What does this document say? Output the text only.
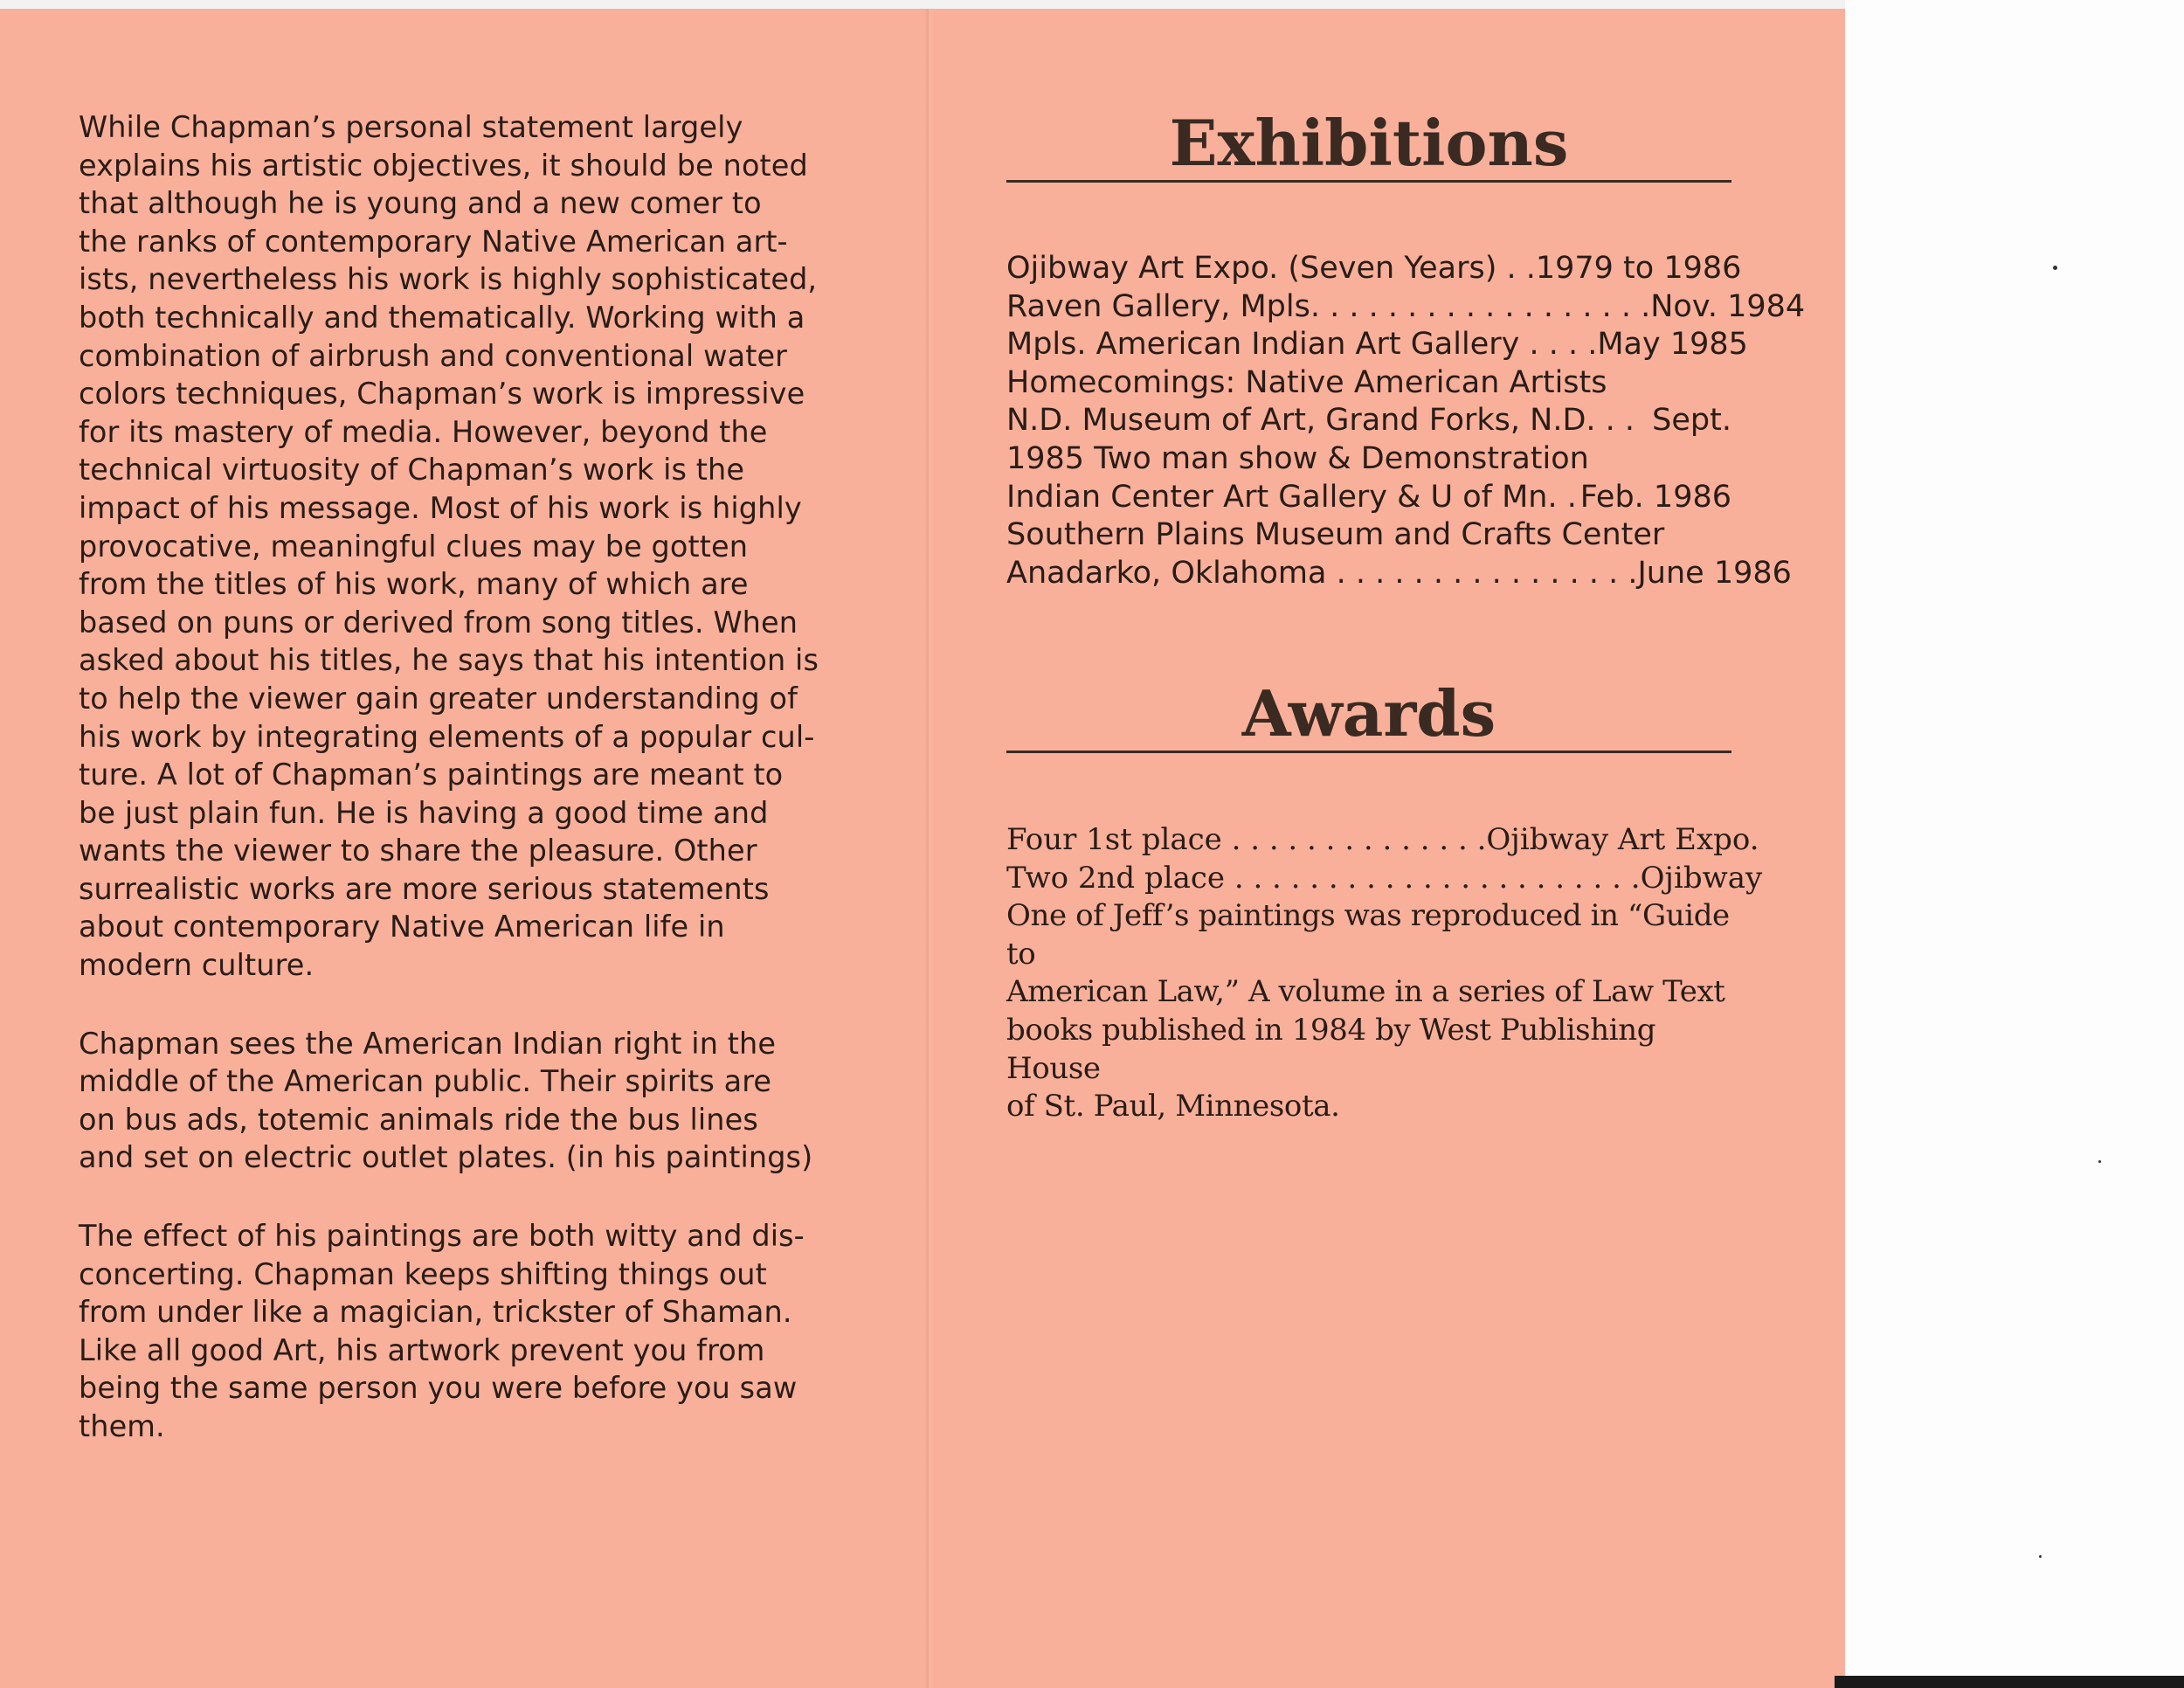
While Chapman’s personal statement largely
explains his artistic objectives, it should be noted
that although he is young and a new comer to
the ranks of contemporary Native American art-
ists, nevertheless his work is highly sophisticated,
both technically and thematically. Working with a
combination of airbrush and conventional water
colors techniques, Chapman’s work is impressive
for its mastery of media. However, beyond the
technical virtuosity of Chapman’s work is the
impact of his message. Most of his work is highly
provocative, meaningful clues may be gotten
from the titles of his work, many of which are
based on puns or derived from song titles. When
asked about his titles, he says that his intention is
to help the viewer gain greater understanding of
his work by integrating elements of a popular cul-
ture. A lot of Chapman’s paintings are meant to
be just plain fun. He is having a good time and
wants the viewer to share the pleasure. Other
surrealistic works are more serious statements
about contemporary Native American life in
modern culture.

Chapman sees the American Indian right in the
middle of the American public. Their spirits are
on bus ads, totemic animals ride the bus lines
and set on electric outlet plates. (in his paintings)

The effect of his paintings are both witty and dis-
concerting. Chapman keeps shifting things out
from under like a magician, trickster of Shaman.
Like all good Art, his artwork prevent you from
being the same person you were before you saw
them.

Exhibitions
Ojibway Art Expo. (Seven Years) . . 1979 to 1986
Raven Gallery, Mpls. . . . . . . . . . . . . . . . . . Nov. 1984
Mpls. American Indian Art Gallery . . . . May 1985
Homecomings: Native American Artists
N.D. Museum of Art, Grand Forks, N.D. . . Sept.
1985 Two man show & Demonstration
Indian Center Art Gallery & U of Mn. . Feb. 1986
Southern Plains Museum and Crafts Center
Anadarko, Oklahoma . . . . . . . . . . . . . . . . June 1986
Awards
Four 1st place . . . . . . . . . . . . . . Ojibway Art Expo.
Two 2nd place . . . . . . . . . . . . . . . . . . . . . . Ojibway

One of Jeff’s paintings was reproduced in “Guide to
American Law,” A volume in a series of Law Text
books published in 1984 by West Publishing House
of St. Paul, Minnesota.
